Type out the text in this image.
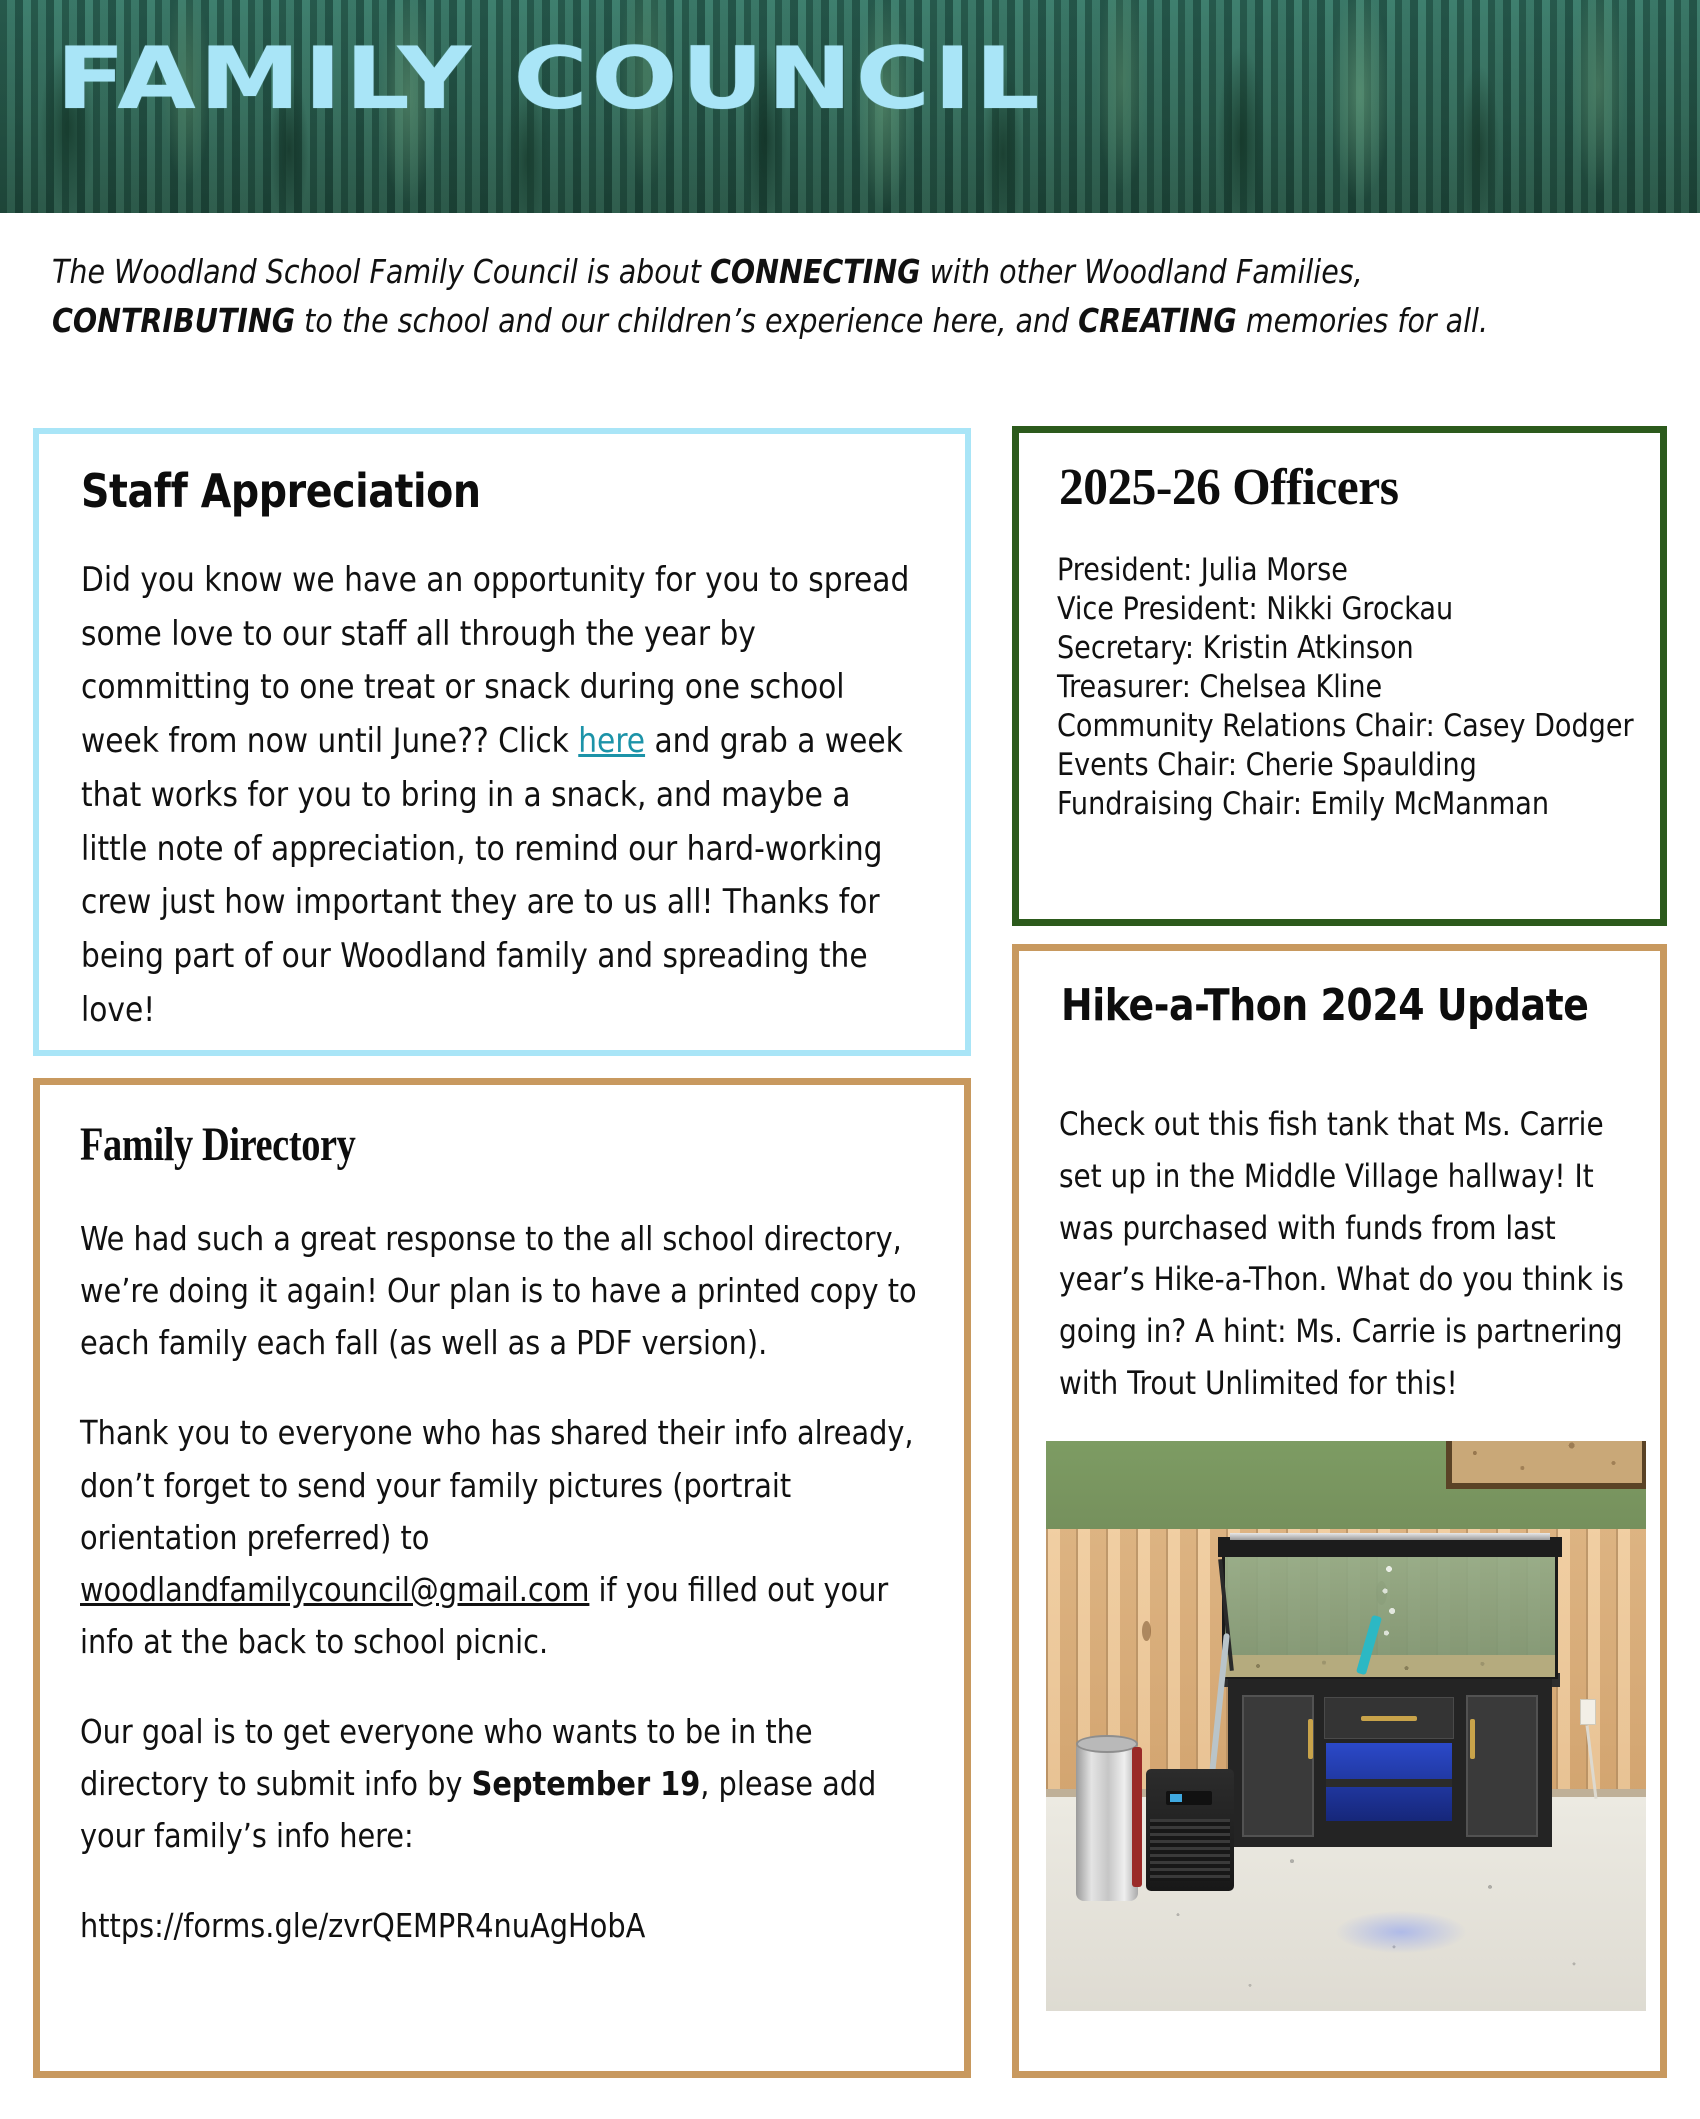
FAMILY COUNCIL
The Woodland School Family Council is about CONNECTING with other Woodland Families, CONTRIBUTING to the school and our children’s experience here, and CREATING memories for all.
Staff Appreciation
Did you know we have an opportunity for you to spread some love to our staff all through the year by committing to one treat or snack during one school week from now until June?? Click here and grab a week that works for you to bring in a snack, and maybe a little note of appreciation, to remind our hard-working crew just how important they are to us all! Thanks for being part of our Woodland family and spreading the love!
2025-26 Officers
President: Julia Morse
Vice President: Nikki Grockau
Secretary: Kristin Atkinson
Treasurer: Chelsea Kline
Community Relations Chair: Casey Dodger
Events Chair: Cherie Spaulding
Fundraising Chair: Emily McManman
Hike-a-Thon 2024 Update
Check out this fish tank that Ms. Carrie set up in the Middle Village hallway! It was purchased with funds from last year’s Hike-a-Thon. What do you think is going in? A hint: Ms. Carrie is partnering with Trout Unlimited for this!
Family Directory

We had such a great response to the all school directory, we’re doing it again! Our plan is to have a printed copy to each family each fall (as well as a PDF version).

Thank you to everyone who has shared their info already, don’t forget to send your family pictures (portrait orientation preferred) to woodlandfamilycouncil@gmail.com if you filled out your info at the back to school picnic.

Our goal is to get everyone who wants to be in the directory to submit info by September 19, please add your family’s info here:

https://forms.gle/zvrQEMPR4nuAgHobA
